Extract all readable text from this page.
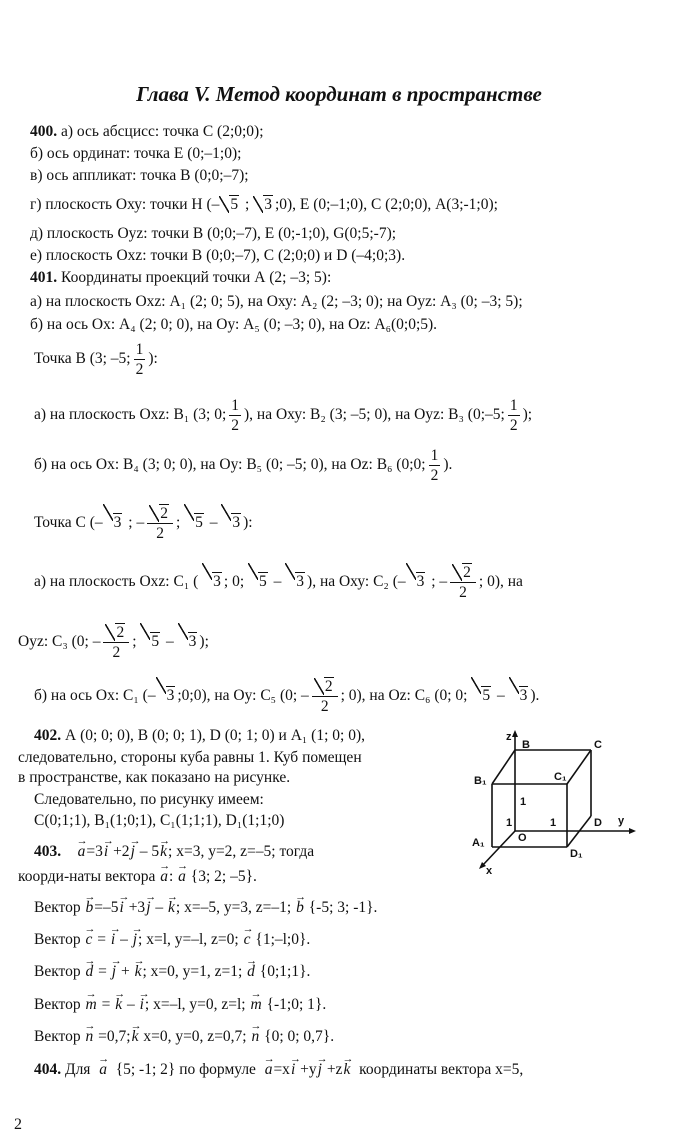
Глава V. Метод координат в пространстве
400. а) ось абсцисс: точка С (2;0;0);
б) ось ординат: точка Е (0;–1;0);
в) ось аппликат: точка В (0;0;–7);
г) плоскость Оху: точки Н (– 5 ; 3 ;0), Е (0;–1;0), С (2;0;0), А(3;-1;0);
д) плоскость Оуz: точки В (0;0;–7), Е (0;-1;0), G(0;5;-7);
е) плоскость Охz: точки В (0;0;–7), С (2;0;0) и D (–4;0;3).
401. Координаты проекций точки А (2; –3; 5):
а) на плоскость Охz: А₁ (2; 0; 5), на Оху: А₂ (2; –3; 0); на Оуz: А₃ (0; –3; 5);
б) на ось Ох: А₄ (2; 0; 0), на Оу: А₅ (0; –3; 0), на Оz: А₆(0;0;5).
Точка В (3; –5; $\frac{1}{2}$ ):
а) на плоскость Охz: В₁ (3; 0; $\frac{1}{2}$ ), на Оху: В₂ (3; –5; 0), на Оуz: В₃ (0;–5; $\frac{1}{2}$ );
б) на ось Ох: В₄ (3; 0; 0), на Оу: В₅ (0; –5; 0), на Оz: В₆ (0;0; $\frac{1}{2}$ ).
Точка С (– 3 ; – $\frac{2}{2}$ ; 5 – 3 ):
а) на плоскость Охz: С₁ ( 3 ; 0; 5 – 3 ), на Оху: С₂ (– 3 ; – $\frac{2}{2}$ ; 0), на
Оуz: С₃ (0; – $\frac{2}{2}$ ; 5 – 3 );
б) на ось Ох: С₁ (– 3 ;0;0), на Оу: С₅ (0; – $\frac{2}{2}$ ; 0), на Оz: С₆ (0; 0; 5 – 3 ).
402. А (0; 0; 0), В (0; 0; 1), D (0; 1; 0) и А₁ (1; 0; 0),
следовательно, стороны куба равны 1. Куб помещен
в пространстве, как показано на рисунке.
Следовательно, по рисунку имеем:
С(0;1;1), В₁(1;0;1), С₁(1;1;1), D₁(1;1;0)
z
y
x
B	C
B₁	C₁
A₁	O
D
D₁
1
1	1
403. a →=3i → +2j → – 5k →; x=3, y=2, z=–5; тогда
коорди-наты вектора a →: a → {3; 2; –5}.
Вектор b →=–5i → +3j → – k →; x=–5, y=3, z=–1; b → {-5; 3; -1}.
Вектор c → = i → – j →; x=l, y=–l, z=0; c → {1;–l;0}.
Вектор d → = j → + k →; x=0, y=1, z=1; d → {0;1;1}.
Вектор m → = k → – i →; x=–l, y=0, z=l; m → {-1;0; 1}.
Вектор n → =0,7;k → x=0, y=0, z=0,7; n → {0; 0; 0,7}.
404. Для a → {5; -1; 2} по формуле a →=xi → +yj → +zk → координаты вектора x=5,
2
